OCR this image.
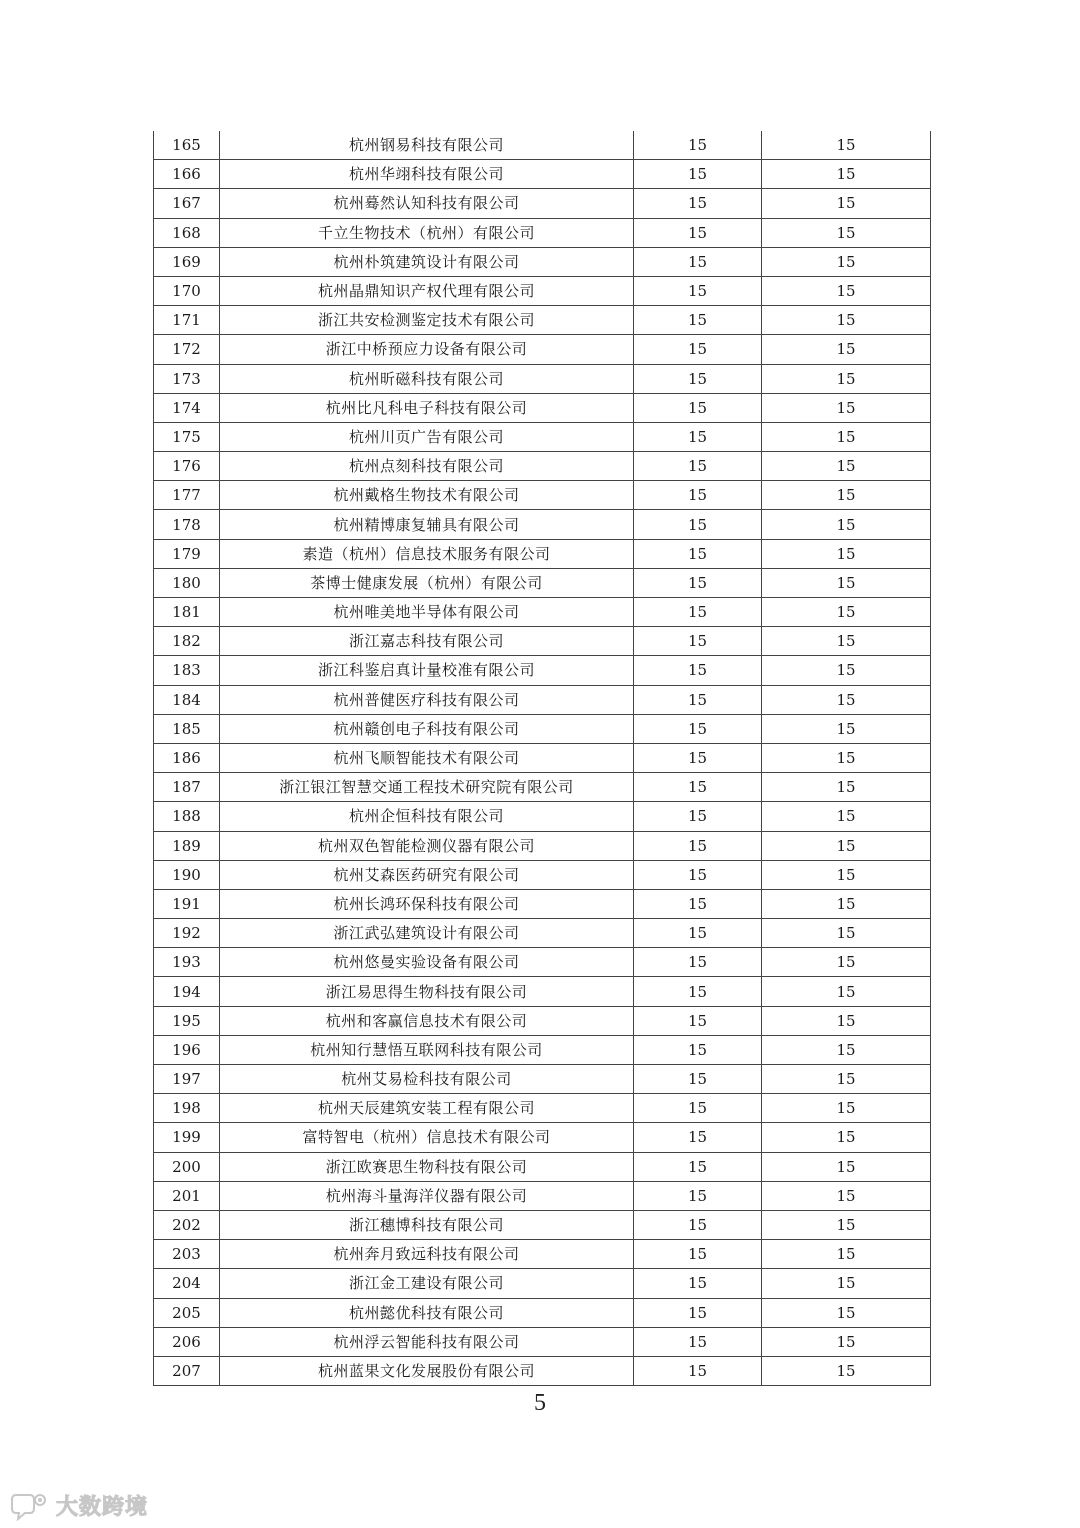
165	杭州钢易科技有限公司	15	15
166	杭州华翊科技有限公司	15	15
167	杭州蓦然认知科技有限公司	15	15
168	千立生物技术（杭州）有限公司	15	15
169	杭州朴筑建筑设计有限公司	15	15
170	杭州晶鼎知识产权代理有限公司	15	15
171	浙江共安检测鉴定技术有限公司	15	15
172	浙江中桥预应力设备有限公司	15	15
173	杭州昕磁科技有限公司	15	15
174	杭州比凡科电子科技有限公司	15	15
175	杭州川页广告有限公司	15	15
176	杭州点刻科技有限公司	15	15
177	杭州戴格生物技术有限公司	15	15
178	杭州精博康复辅具有限公司	15	15
179	素造（杭州）信息技术服务有限公司	15	15
180	茶博士健康发展（杭州）有限公司	15	15
181	杭州唯美地半导体有限公司	15	15
182	浙江嘉志科技有限公司	15	15
183	浙江科鉴启真计量校准有限公司	15	15
184	杭州普健医疗科技有限公司	15	15
185	杭州赣创电子科技有限公司	15	15
186	杭州飞顺智能技术有限公司	15	15
187	浙江银江智慧交通工程技术研究院有限公司	15	15
188	杭州企恒科技有限公司	15	15
189	杭州双色智能检测仪器有限公司	15	15
190	杭州艾森医药研究有限公司	15	15
191	杭州长鸿环保科技有限公司	15	15
192	浙江武弘建筑设计有限公司	15	15
193	杭州悠曼实验设备有限公司	15	15
194	浙江易思得生物科技有限公司	15	15
195	杭州和客赢信息技术有限公司	15	15
196	杭州知行慧悟互联网科技有限公司	15	15
197	杭州艾易检科技有限公司	15	15
198	杭州天辰建筑安装工程有限公司	15	15
199	富特智电（杭州）信息技术有限公司	15	15
200	浙江欧赛思生物科技有限公司	15	15
201	杭州海斗量海洋仪器有限公司	15	15
202	浙江穗博科技有限公司	15	15
203	杭州奔月致远科技有限公司	15	15
204	浙江金工建设有限公司	15	15
205	杭州懿优科技有限公司	15	15
206	杭州浮云智能科技有限公司	15	15
207	杭州蓝果文化发展股份有限公司	15	15
5
大数跨境
